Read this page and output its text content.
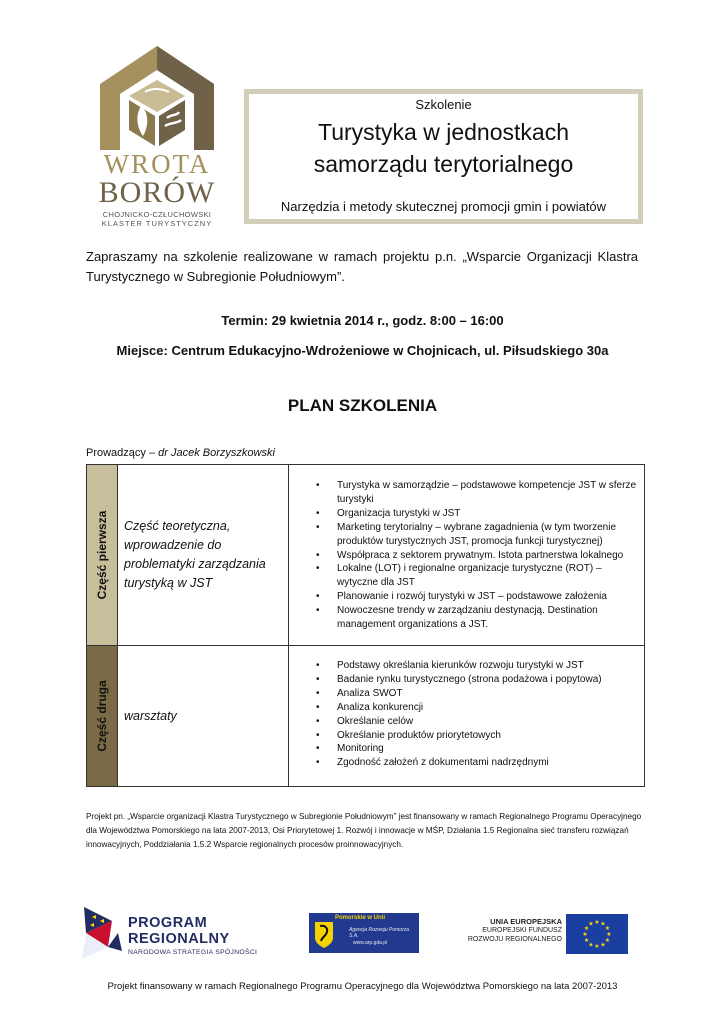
WROTA
BORÓW
CHOJNICKO-CZŁUCHOWSKI
KLASTER TURYSTYCZNY
Szkolenie
Turystyka w jednostkach
samorządu terytorialnego
Narzędzia i metody skutecznej promocji gmin i powiatów

Zapraszamy na szkolenie realizowane w ramach projektu p.n. „Wsparcie Organizacji Klastra Turystycznego w Subregionie Południowym”.

Termin: 29 kwietnia 2014 r., godz. 8:00 – 16:00
Miejsce: Centrum Edukacyjno-Wdrożeniowe w Chojnicach, ul. Piłsudskiego 30a
PLAN SZKOLENIA
Prowadzący – dr Jacek Borzyszkowski
Część pierwsza Część teoretyczna, wprowadzenie do problematyki zarządzania turystyką w JST
• Turystyka w samorządzie – podstawowe kompetencje JST w sferze turystyki
• Organizacja turystyki w JST
• Marketing terytorialny – wybrane zagadnienia (w tym tworzenie produktów turystycznych JST, promocja funkcji turystycznej)
• Współpraca z sektorem prywatnym. Istota partnerstwa lokalnego
• Lokalne (LOT) i regionalne organizacje turystyczne (ROT) – wytyczne dla JST
• Planowanie i rozwój turystyki w JST – podstawowe założenia
• Nowoczesne trendy w zarządzaniu destynacją. Destination management organizations a JST.
Część druga warsztaty
• Podstawy określania kierunków rozwoju turystyki w JST
• Badanie rynku turystycznego (strona podażowa i popytowa)
• Analiza SWOT
• Analiza konkurencji
• Określanie celów
• Określanie produktów priorytetowych
• Monitoring
• Zgodność założeń z dokumentami nadrzędnymi

Projekt pn. „Wsparcie organizacji Klastra Turystycznego w Subregionie Południowym” jest finansowany w ramach Regionalnego Programu Operacyjnego dla Województwa Pomorskiego na lata 2007-2013, Osi Priorytetowej 1. Rozwój i innowacje w MŚP, Działania 1.5 Regionalna sieć transferu rozwiązań innowacyjnych, Poddziałania 1.5.2 Wsparcie regionalnych procesów proinnowacyjnych.

PROGRAM
REGIONALNY
NARODOWA STRATEGIA SPÓJNOŚCI
Pomorskie w Unii
Agencja Rozwoju Pomorza S.A.
www.arp.gda.pl
UNIA EUROPEJSKA
EUROPEJSKI FUNDUSZ
ROZWOJU REGIONALNEGO
★ ★
★
★
★
★
★
★
★
★
★
★
Projekt finansowany w ramach Regionalnego Programu Operacyjnego dla Województwa Pomorskiego na lata 2007-2013
